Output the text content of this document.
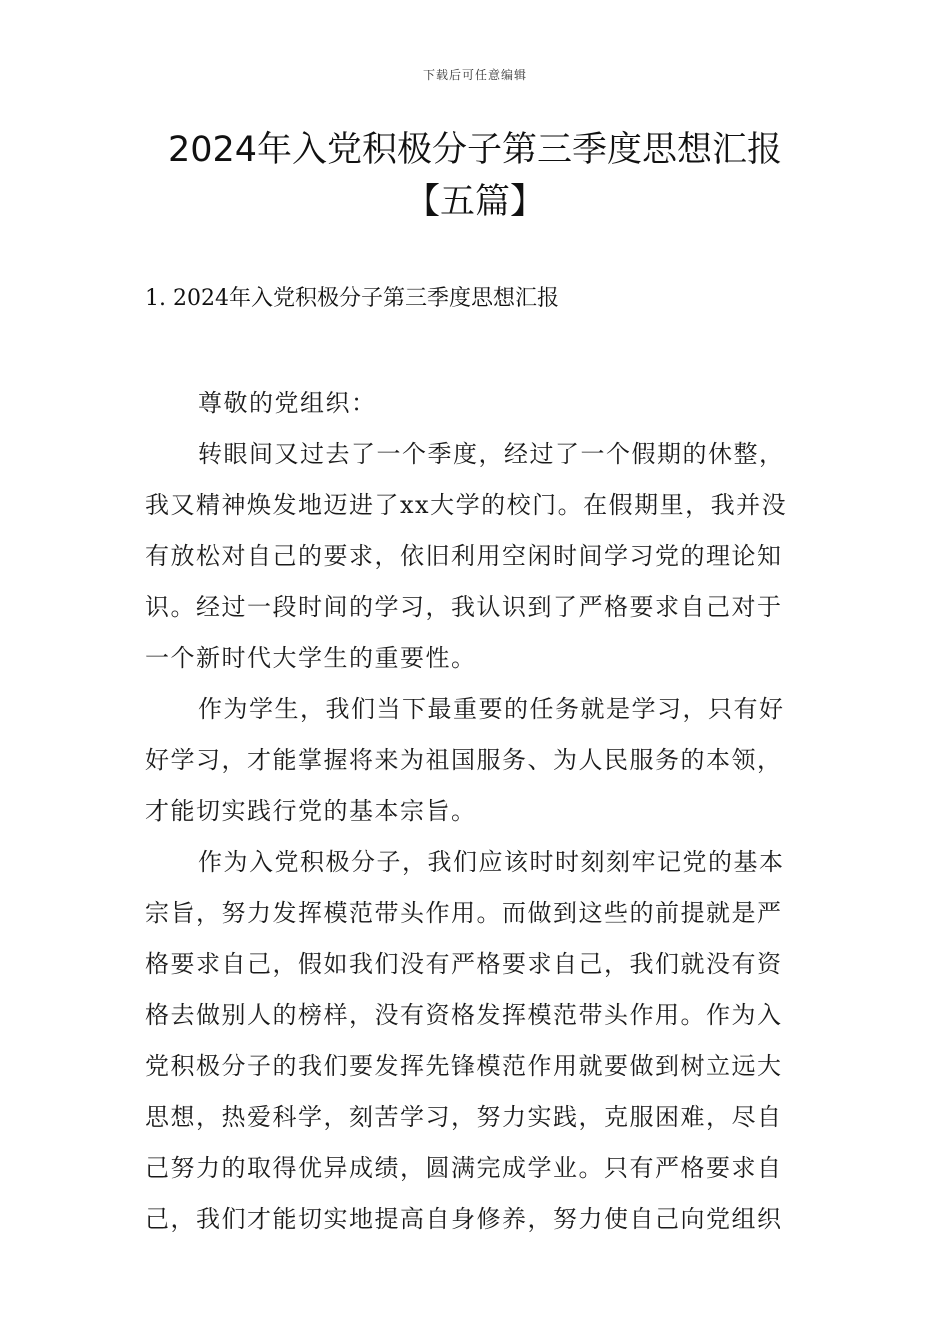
下载后可任意编辑
2024年入党积极分子第三季度思想汇报
【五篇】
1. 2024年入党积极分子第三季度思想汇报

尊敬的党组织：

转眼间又过去了一个季度，经过了一个假期的休整，
我又精神焕发地迈进了xx大学的校门。在假期里，我并没
有放松对自己的要求，依旧利用空闲时间学习党的理论知
识。经过一段时间的学习，我认识到了严格要求自己对于
一个新时代大学生的重要性。

作为学生，我们当下最重要的任务就是学习，只有好
好学习，才能掌握将来为祖国服务、为人民服务的本领，
才能切实践行党的基本宗旨。

作为入党积极分子，我们应该时时刻刻牢记党的基本
宗旨，努力发挥模范带头作用。而做到这些的前提就是严
格要求自己，假如我们没有严格要求自己，我们就没有资
格去做别人的榜样，没有资格发挥模范带头作用。作为入
党积极分子的我们要发挥先锋模范作用就要做到树立远大
思想，热爱科学，刻苦学习，努力实践，克服困难，尽自
己努力的取得优异成绩，圆满完成学业。只有严格要求自
己，我们才能切实地提高自身修养，努力使自己向党组织
